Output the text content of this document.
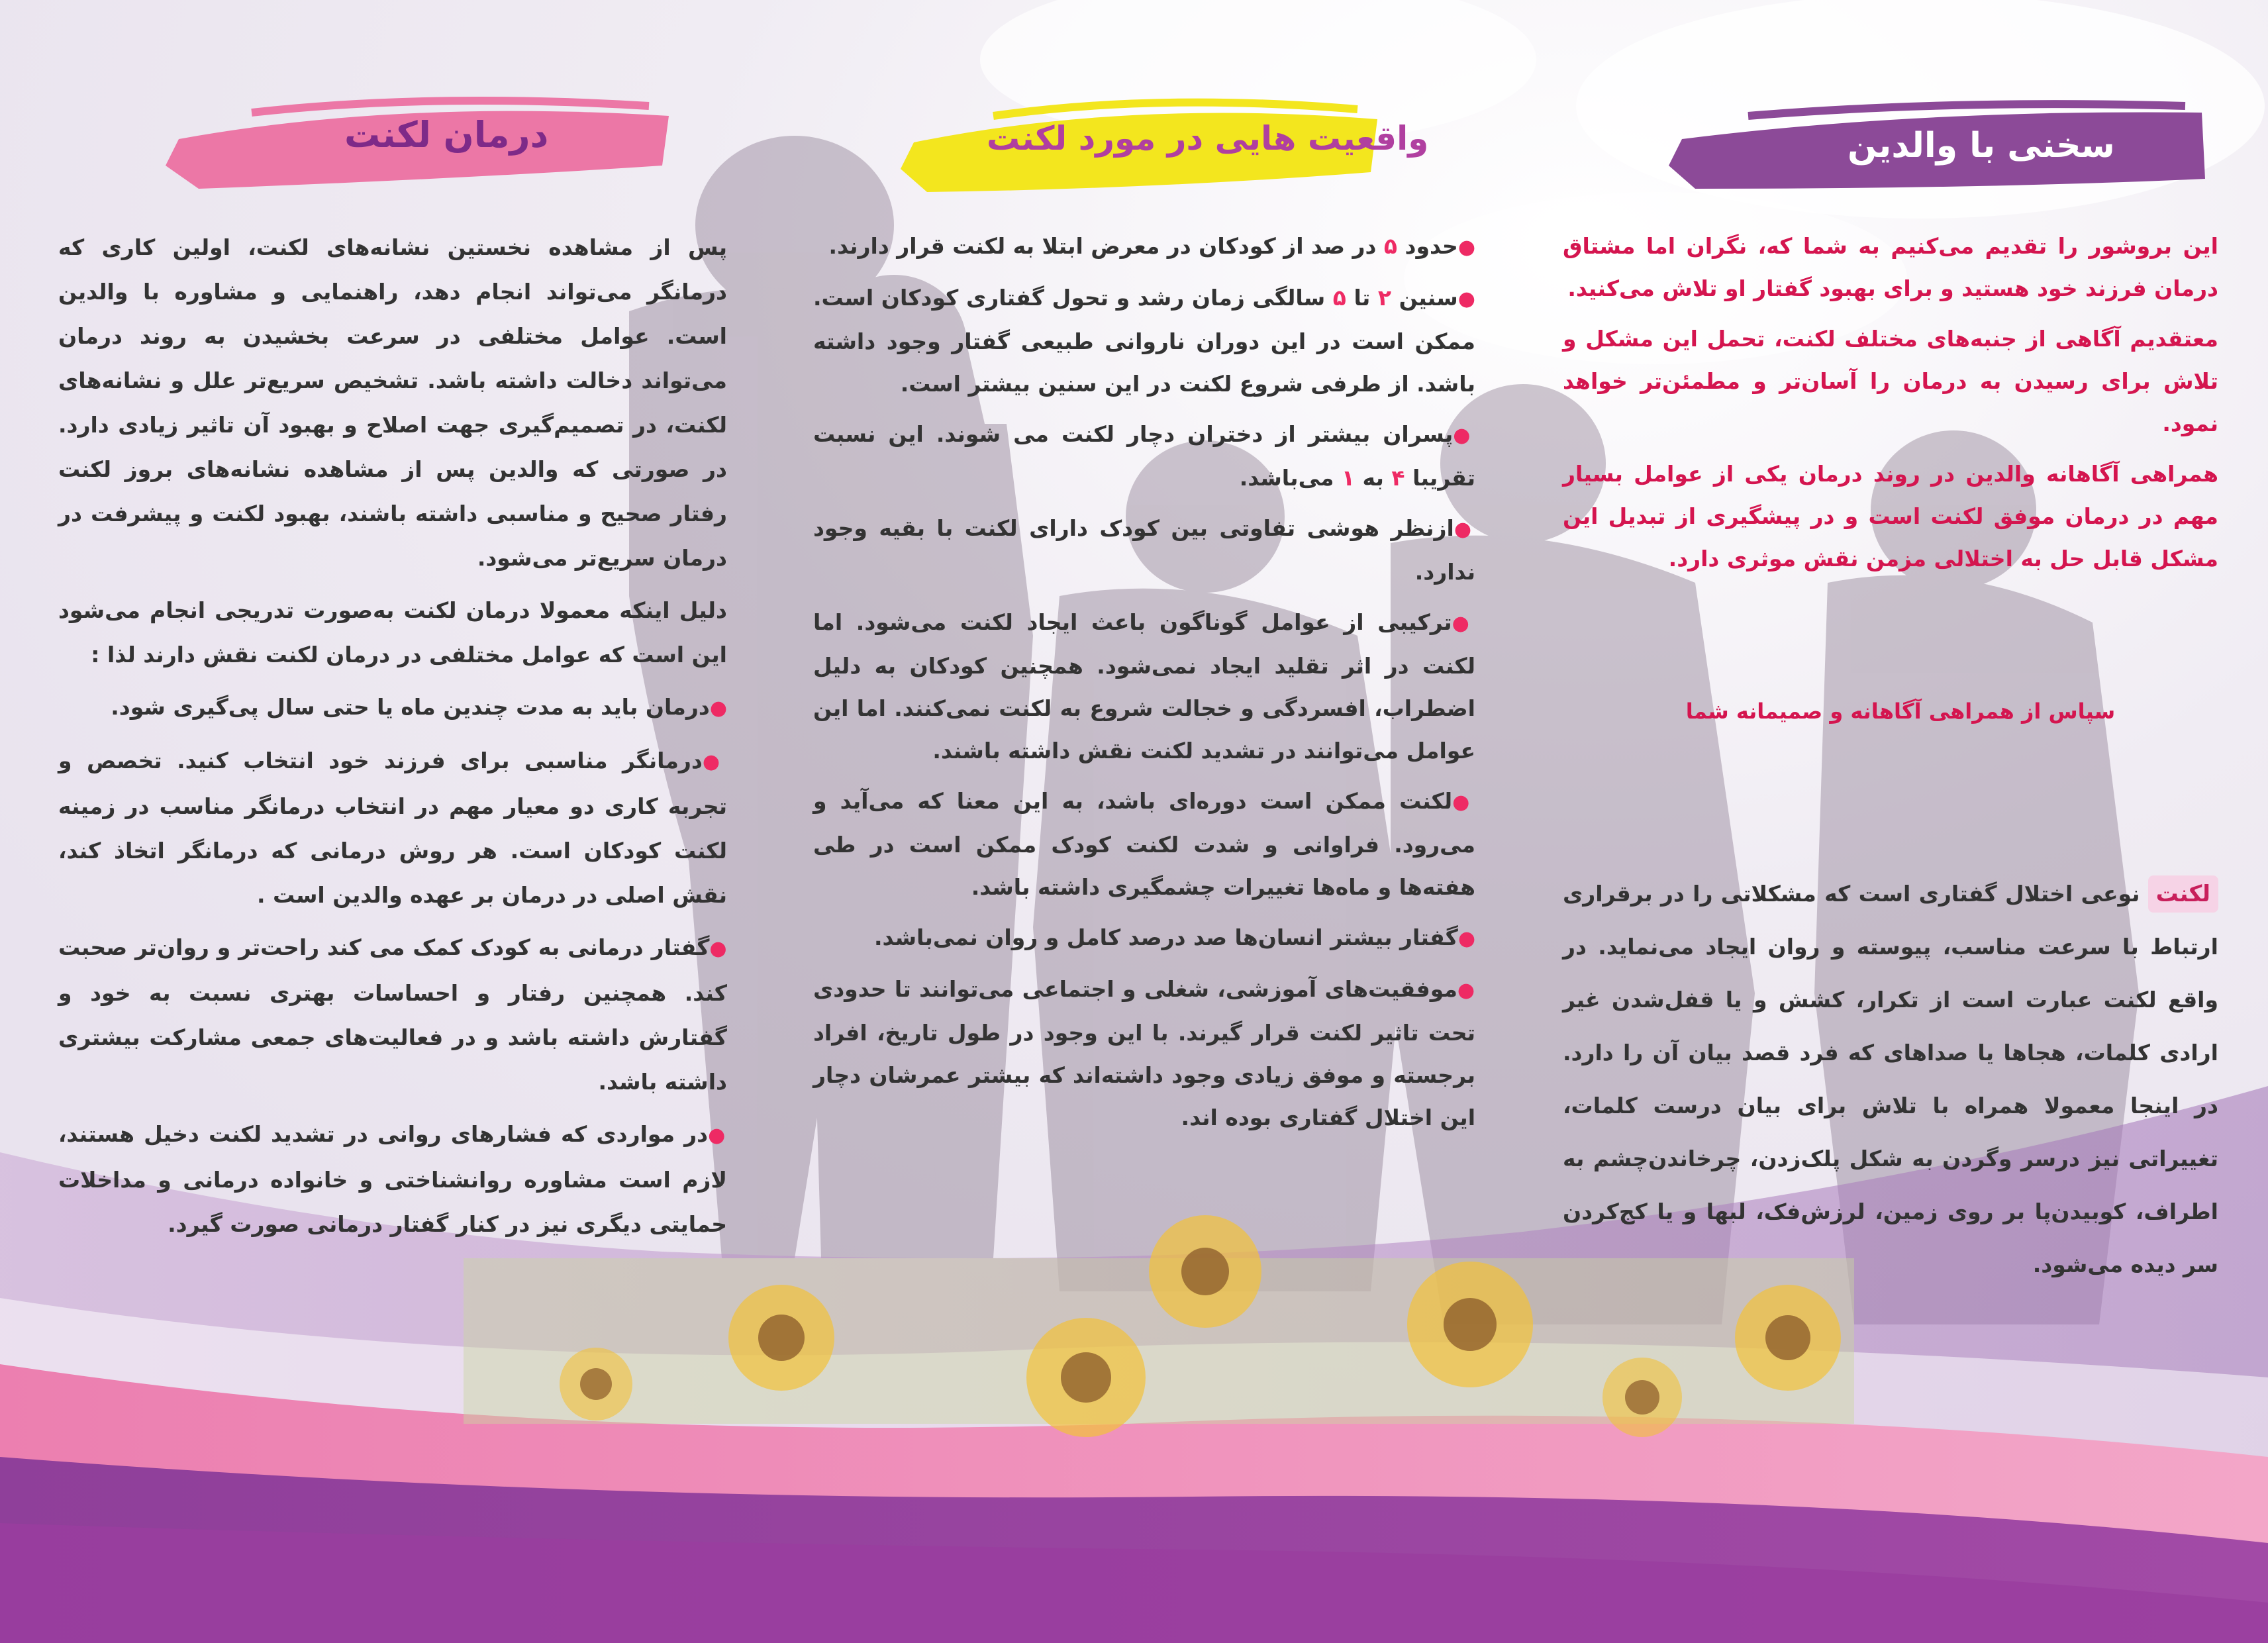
درمان لکنت	واقعیت هایی در مورد لکنت	سخنی با والدین

پس از مشاهده نخستین نشانه‌های لکنت، اولین کاری که درمانگر می‌تواند انجام دهد، راهنمایی و مشاوره با والدین است. عوامل مختلفی در سرعت بخشیدن به روند درمان می‌تواند دخالت داشته باشد. تشخیص سریع‌تر علل و نشانه‌های لکنت، در تصمیم‌گیری جهت اصلاح و بهبود آن تاثیر زیادی دارد. در صورتی که والدین پس از مشاهده نشانه‌های بروز لکنت رفتار صحیح و مناسبی داشته باشند، بهبود لکنت و پیشرفت در درمان سریع‌تر می‌شود.

دلیل اینکه معمولا درمان لکنت به‌صورت تدریجی انجام می‌شود این است که عوامل مختلفی در درمان لکنت نقش دارند لذا :

●درمان باید به مدت چندین ماه یا حتی سال پی‌گیری شود.

●درمانگر مناسبی برای فرزند خود انتخاب کنید. تخصص و تجربه کاری دو معیار مهم در انتخاب درمانگر مناسب در زمینه لکنت کودکان است. هر روش درمانی که درمانگر اتخاذ کند، نقش اصلی در درمان بر عهده والدین است .

●گفتار درمانی به کودک کمک می کند راحت‌تر و روان‌تر صحبت کند. همچنین رفتار و احساسات بهتری نسبت به خود و گفتارش داشته باشد و در فعالیت‌های جمعی مشارکت بیشتری داشته باشد.

●در مواردی که فشارهای روانی در تشدید لکنت دخیل هستند، لازم است مشاوره روانشناختی و خانواده درمانی و مداخلات حمایتی دیگری نیز در کنار گفتار درمانی صورت گیرد.

●حدود ۵ در صد از کودکان در معرض ابتلا به لکنت قرار دارند.

●سنین ۲ تا ۵ سالگی زمان رشد و تحول گفتاری کودکان است. ممکن است در این دوران ناروانی طبیعی گفتار وجود داشته باشد. از طرفی شروع لکنت در این سنین بیشتر است.

●پسران بیشتر از دختران دچار لکنت می شوند. این نسبت تقریبا ۴ به ۱ می‌باشد.

●ازنظر هوشی تفاوتی بین کودک دارای لکنت با بقیه وجود ندارد.

●ترکیبی از عوامل گوناگون باعث ایجاد لکنت می‌شود. اما لکنت در اثر تقلید ایجاد نمی‌شود. همچنین کودکان به دلیل اضطراب، افسردگی و خجالت شروع به لکنت نمی‌کنند. اما این عوامل می‌توانند در تشدید لکنت نقش داشته باشند.

●لکنت ممکن است دوره‌ای باشد، به این معنا که می‌آید و می‌رود. فراوانی و شدت لکنت کودک ممکن است در طی هفته‌ها و ماه‌ها تغییرات چشمگیری داشته باشد.

●گفتار بیشتر انسان‌ها صد درصد کامل و روان نمی‌باشد.

●موفقیت‌های آموزشی، شغلی و اجتماعی می‌توانند تا حدودی تحت تاثیر لکنت قرار گیرند. با این وجود در طول تاریخ، افراد برجسته و موفق زیادی وجود داشته‌اند که بیشتر عمرشان دچار این اختلال گفتاری بوده اند.

این بروشور را تقدیم می‌کنیم به شما که، نگران اما مشتاق درمان فرزند خود هستید و برای بهبود گفتار او تلاش می‌کنید.

معتقدیم آگاهی از جنبه‌های مختلف لکنت، تحمل این مشکل و تلاش برای رسیدن به درمان را آسان‌تر و مطمئن‌تر خواهد نمود.

همراهی آگاهانه والدین در روند درمان یکی از عوامل بسیار مهم در درمان موفق لکنت است و در پیشگیری از تبدیل این مشکل قابل حل به اختلالی مزمن نقش موثری دارد.

سپاس از همراهی آگاهانه و صمیمانه شما
لکنتنوعی اختلال گفتاری است که مشکلاتی را در برقراری ارتباط با سرعت مناسب، پیوسته و روان ایجاد می‌نماید. در واقع لکنت عبارت است از تکرار، کشش و یا قفل‌شدن غیر ارادی کلمات، هجاها یا صداهای که فرد قصد بیان آن را دارد. در اینجا معمولا همراه با تلاش برای بیان درست کلمات، تغییراتی نیز درسر وگردن به شکل پلک‌زدن، چرخاندن‌چشم به اطراف، کوبیدن‌پا بر روی زمین، لرزش‌فک، لبها و یا کج‌کردن سر دیده می‌شود.
